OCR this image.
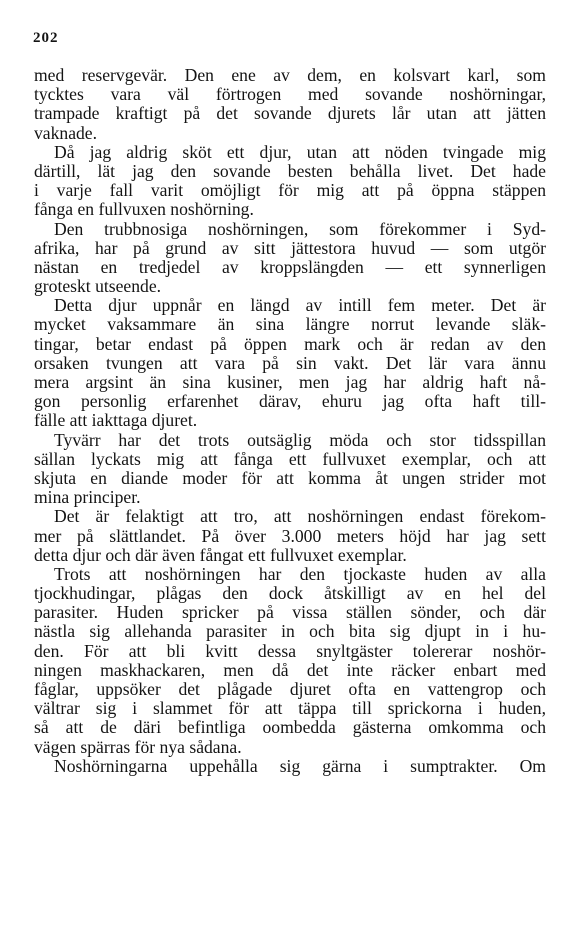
202
med reservgevär. Den ene av dem, en kolsvart karl, som
tycktes vara väl förtrogen med sovande noshörningar,
trampade kraftigt på det sovande djurets lår utan att jätten
vaknade.
Då jag aldrig sköt ett djur, utan att nöden tvingade mig
därtill, lät jag den sovande besten behålla livet. Det hade
i varje fall varit omöjligt för mig att på öppna stäppen
fånga en fullvuxen noshörning.
Den trubbnosiga noshörningen, som förekommer i Syd-
afrika, har på grund av sitt jättestora huvud — som utgör
nästan en tredjedel av kroppslängden — ett synnerligen
groteskt utseende.
Detta djur uppnår en längd av intill fem meter. Det är
mycket vaksammare än sina längre norrut levande släk-
tingar, betar endast på öppen mark och är redan av den
orsaken tvungen att vara på sin vakt. Det lär vara ännu
mera argsint än sina kusiner, men jag har aldrig haft nå-
gon personlig erfarenhet därav, ehuru jag ofta haft till-
fälle att iakttaga djuret.
Tyvärr har det trots outsäglig möda och stor tidsspillan
sällan lyckats mig att fånga ett fullvuxet exemplar, och att
skjuta en diande moder för att komma åt ungen strider mot
mina principer.
Det är felaktigt att tro, att noshörningen endast förekom-
mer på slättlandet. På över 3.000 meters höjd har jag sett
detta djur och där även fångat ett fullvuxet exemplar.
Trots att noshörningen har den tjockaste huden av alla
tjockhudingar, plågas den dock åtskilligt av en hel del
parasiter. Huden spricker på vissa ställen sönder, och där
nästla sig allehanda parasiter in och bita sig djupt in i hu-
den. För att bli kvitt dessa snyltgäster tolererar noshör-
ningen maskhackaren, men då det inte räcker enbart med
fåglar, uppsöker det plågade djuret ofta en vattengrop och
vältrar sig i slammet för att täppa till sprickorna i huden,
så att de däri befintliga oombedda gästerna omkomma och
vägen spärras för nya sådana.
Noshörningarna uppehålla sig gärna i sumptrakter. Om
